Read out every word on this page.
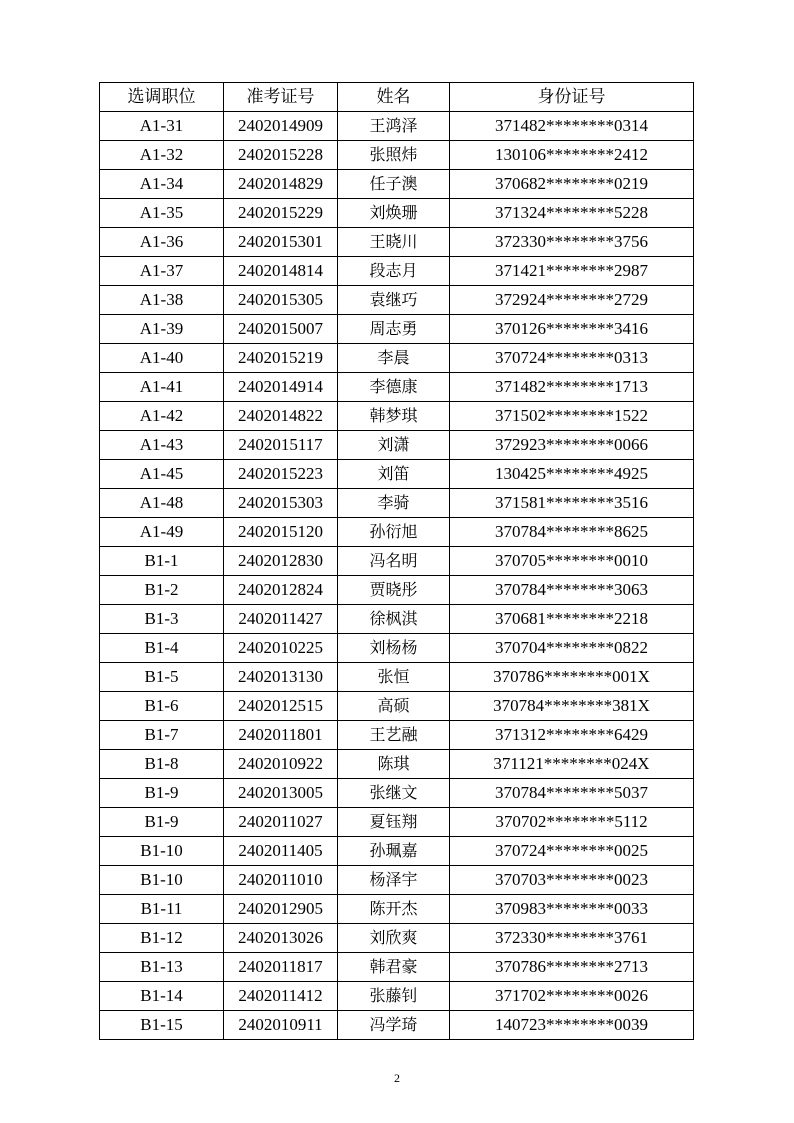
选调职位	准考证号	姓名	身份证号
A1-31	2402014909	王鸿泽	371482********0314
A1-32	2402015228	张照炜	130106********2412
A1-34	2402014829	任子澳	370682********0219
A1-35	2402015229	刘焕珊	371324********5228
A1-36	2402015301	王晓川	372330********3756
A1-37	2402014814	段志月	371421********2987
A1-38	2402015305	袁继巧	372924********2729
A1-39	2402015007	周志勇	370126********3416
A1-40	2402015219	李晨	370724********0313
A1-41	2402014914	李德康	371482********1713
A1-42	2402014822	韩梦琪	371502********1522
A1-43	2402015117	刘潇	372923********0066
A1-45	2402015223	刘笛	130425********4925
A1-48	2402015303	李骑	371581********3516
A1-49	2402015120	孙衍旭	370784********8625
B1-1	2402012830	冯名明	370705********0010
B1-2	2402012824	贾晓彤	370784********3063
B1-3	2402011427	徐枫淇	370681********2218
B1-4	2402010225	刘杨杨	370704********0822
B1-5	2402013130	张恒	370786********001X
B1-6	2402012515	高硕	370784********381X
B1-7	2402011801	王艺融	371312********6429
B1-8	2402010922	陈琪	371121********024X
B1-9	2402013005	张继文	370784********5037
B1-9	2402011027	夏钰翔	370702********5112
B1-10	2402011405	孙珮嘉	370724********0025
B1-10	2402011010	杨泽宇	370703********0023
B1-11	2402012905	陈开杰	370983********0033
B1-12	2402013026	刘欣爽	372330********3761
B1-13	2402011817	韩君豪	370786********2713
B1-14	2402011412	张藤钊	371702********0026
B1-15	2402010911	冯学琦	140723********0039
2
